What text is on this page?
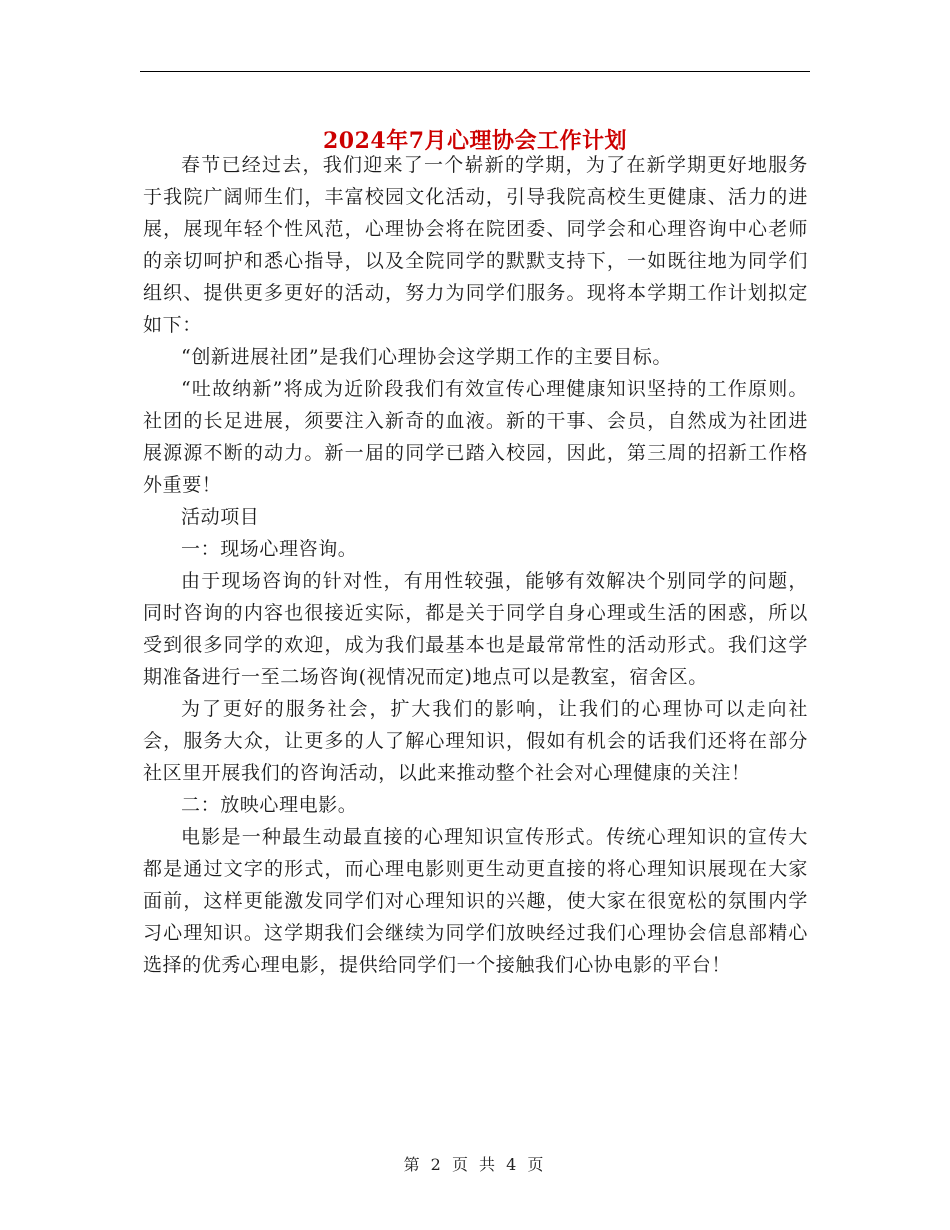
2024年7月心理协会工作计划

春节已经过去，我们迎来了一个崭新的学期，为了在新学期更好地服务于我院广阔师生们，丰富校园文化活动，引导我院高校生更健康、活力的进展，展现年轻个性风范，心理协会将在院团委、同学会和心理咨询中心老师的亲切呵护和悉心指导，以及全院同学的默默支持下，一如既往地为同学们组织、提供更多更好的活动，努力为同学们服务。现将本学期工作计划拟定如下：

“创新进展社团”是我们心理协会这学期工作的主要目标。

“吐故纳新”将成为近阶段我们有效宣传心理健康知识坚持的工作原则。社团的长足进展，须要注入新奇的血液。新的干事、会员，自然成为社团进展源源不断的动力。新一届的同学已踏入校园，因此，第三周的招新工作格外重要！

活动项目

一：现场心理咨询。

由于现场咨询的针对性，有用性较强，能够有效解决个别同学的问题，同时咨询的内容也很接近实际，都是关于同学自身心理或生活的困惑，所以受到很多同学的欢迎，成为我们最基本也是最常常性的活动形式。我们这学期准备进行一至二场咨询(视情况而定)地点可以是教室，宿舍区。

为了更好的服务社会，扩大我们的影响，让我们的心理协可以走向社会，服务大众，让更多的人了解心理知识，假如有机会的话我们还将在部分社区里开展我们的咨询活动，以此来推动整个社会对心理健康的关注！

二：放映心理电影。

电影是一种最生动最直接的心理知识宣传形式。传统心理知识的宣传大都是通过文字的形式，而心理电影则更生动更直接的将心理知识展现在大家面前，这样更能激发同学们对心理知识的兴趣，使大家在很宽松的氛围内学习心理知识。这学期我们会继续为同学们放映经过我们心理协会信息部精心选择的优秀心理电影，提供给同学们一个接触我们心协电影的平台！

第 2 页 共 4 页
